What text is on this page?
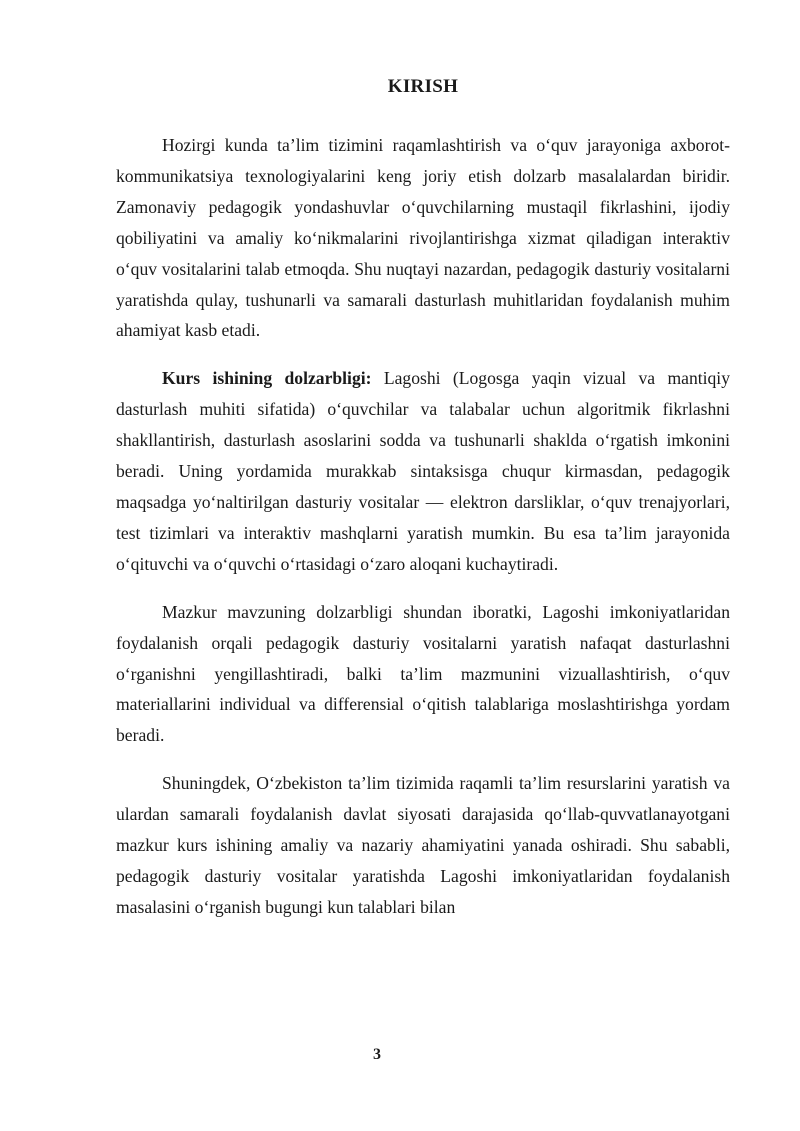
KIRISH

Hozirgi kunda ta’lim tizimini raqamlashtirish va o‘quv jarayoniga axborot-kommunikatsiya texnologiyalarini keng joriy etish dolzarb masalalardan biridir. Zamonaviy pedagogik yondashuvlar o‘quvchilarning mustaqil fikrlashini, ijodiy qobiliyatini va amaliy ko‘nikmalarini rivojlantirishga xizmat qiladigan interaktiv o‘quv vositalarini talab etmoqda. Shu nuqtayi nazardan, pedagogik dasturiy vositalarni yaratishda qulay, tushunarli va samarali dasturlash muhitlaridan foydalanish muhim ahamiyat kasb etadi.

Kurs ishining dolzarbligi: Lagoshi (Logosga yaqin vizual va mantiqiy dasturlash muhiti sifatida) o‘quvchilar va talabalar uchun algoritmik fikrlashni shakllantirish, dasturlash asoslarini sodda va tushunarli shaklda o‘rgatish imkonini beradi. Uning yordamida murakkab sintaksisga chuqur kirmasdan, pedagogik maqsadga yo‘naltirilgan dasturiy vositalar — elektron darsliklar, o‘quv trenajyorlari, test tizimlari va interaktiv mashqlarni yaratish mumkin. Bu esa ta’lim jarayonida o‘qituvchi va o‘quvchi o‘rtasidagi o‘zaro aloqani kuchaytiradi.

Mazkur mavzuning dolzarbligi shundan iboratki, Lagoshi imkoniyatlaridan foydalanish orqali pedagogik dasturiy vositalarni yaratish nafaqat dasturlashni o‘rganishni yengillashtiradi, balki ta’lim mazmunini vizuallashtirish, o‘quv materiallarini individual va differensial o‘qitish talablariga moslashtirishga yordam beradi.

Shuningdek, O‘zbekiston ta’lim tizimida raqamli ta’lim resurslarini yaratish va ulardan samarali foydalanish davlat siyosati darajasida qo‘llab-quvvatlanayotgani mazkur kurs ishining amaliy va nazariy ahamiyatini yanada oshiradi. Shu sababli, pedagogik dasturiy vositalar yaratishda Lagoshi imkoniyatlaridan foydalanish masalasini o‘rganish bugungi kun talablari bilan

3
